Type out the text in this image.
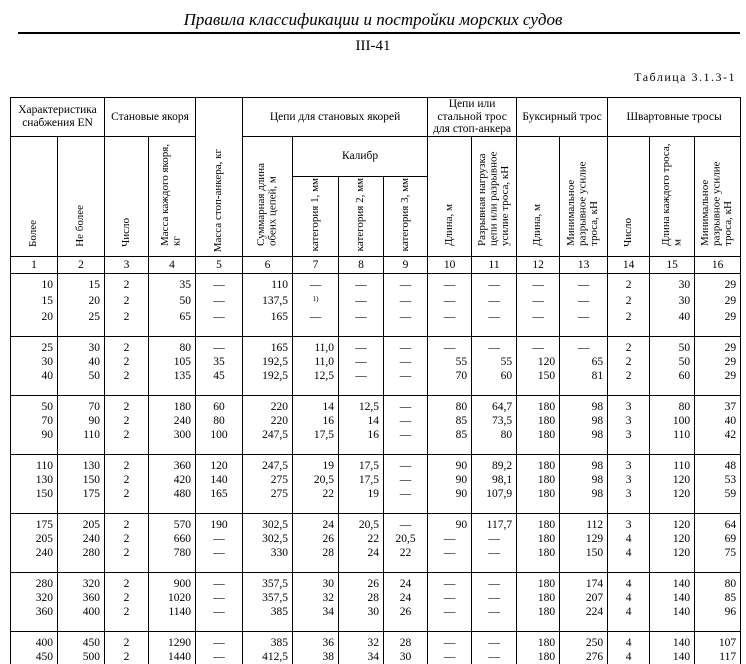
Правила классификации и постройки морских судов
III-41
Таблица 3.1.3-1
Характеристика снабжения EN		Становые якоря		Масса стоп-анкера, кг	Цепи для становых якорей				Цепи или стальной трос для стоп-анкера		Буксирный трос		Швартовные тросы		

Более	Не более	Число	Масса каждого якоря, кг		Суммарная длина обеих цепей, м	Калибр			Длина, м	Разрывная нагрузка цепи или разрывное усилие троса, кН	Длина, м	Минимальное разрывное усилие троса, кН	Число	Длина каждого троса, м	Минимальное разрывное усилие троса, кН

						категория 1, мм	категория 2, мм	категория 3, мм							

1	2	3	4	5	6	7	8	9	10	11	12	13	14	15	16
10	15	2	35	—	110	—	—	—	—	—	—	—	2	30	29
15	20	2	50	—	137,5	$^{1)}$	—	—	—	—	—	—	2	30	29
20	25	2	65	—	165	—	—	—	—	—	—	—	2	40	29

25	30	2	80	—	165	11,0	—	—	—	—	—	—	2	50	29
30	40	2	105	35	192,5	11,0	—	—	55	55	120	65	2	50	29
40	50	2	135	45	192,5	12,5	—	—	70	60	150	81	2	60	29

50	70	2	180	60	220	14	12,5	—	80	64,7	180	98	3	80	37
70	90	2	240	80	220	16	14	—	85	73,5	180	98	3	100	40
90	110	2	300	100	247,5	17,5	16	—	85	80	180	98	3	110	42

110	130	2	360	120	247,5	19	17,5	—	90	89,2	180	98	3	110	48
130	150	2	420	140	275	20,5	17,5	—	90	98,1	180	98	3	120	53
150	175	2	480	165	275	22	19	—	90	107,9	180	98	3	120	59

175	205	2	570	190	302,5	24	20,5	—	90	117,7	180	112	3	120	64
205	240	2	660	—	302,5	26	22	20,5	—	—	180	129	4	120	69
240	280	2	780	—	330	28	24	22	—	—	180	150	4	120	75

280	320	2	900	—	357,5	30	26	24	—	—	180	174	4	140	80
320	360	2	1020	—	357,5	32	28	24	—	—	180	207	4	140	85
360	400	2	1140	—	385	34	30	26	—	—	180	224	4	140	96

400	450	2	1290	—	385	36	32	28	—	—	180	250	4	140	107
450	500	2	1440	—	412,5	38	34	30	—	—	180	276	4	140	117
